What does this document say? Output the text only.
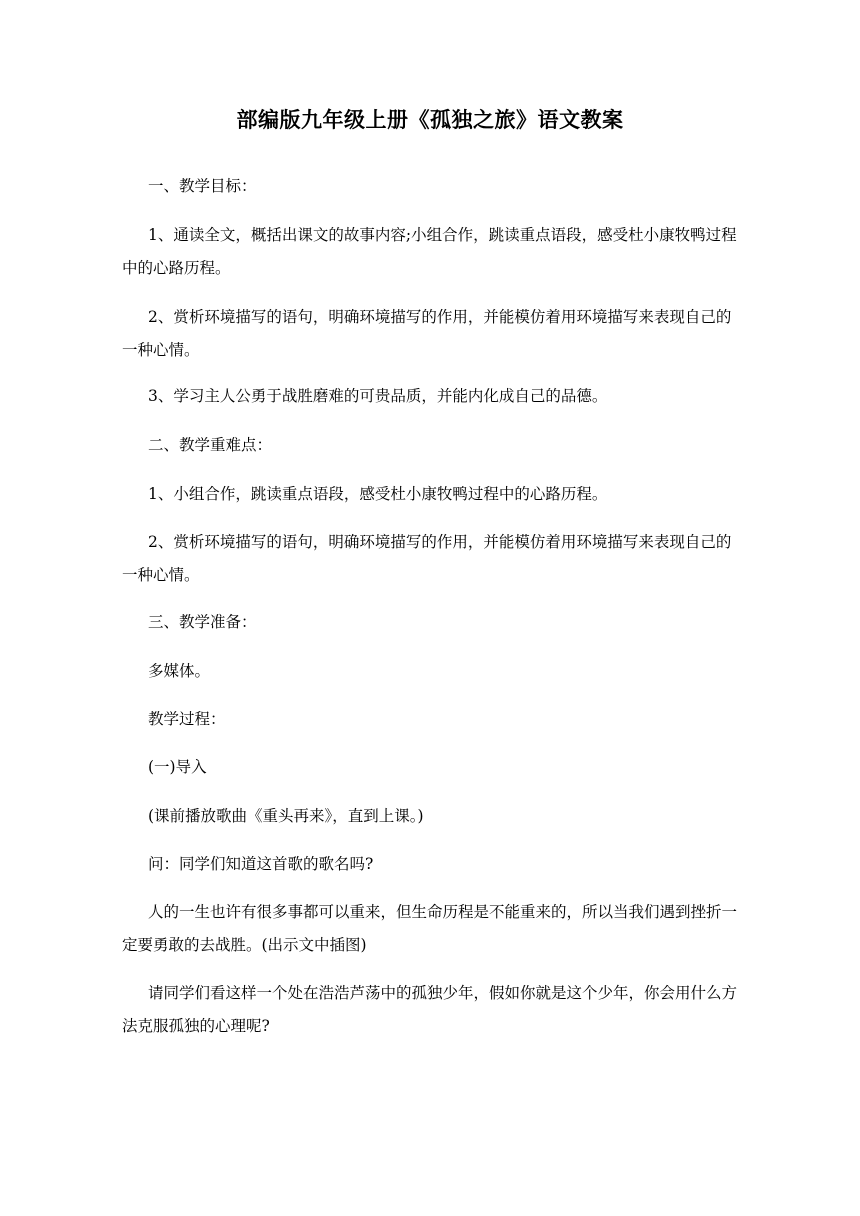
部编版九年级上册《孤独之旅》语文教案

一、教学目标：

1、通读全文，概括出课文的故事内容;小组合作，跳读重点语段，感受杜小康牧鸭过程中的心路历程。

2、赏析环境描写的语句，明确环境描写的作用，并能模仿着用环境描写来表现自己的一种心情。

3、学习主人公勇于战胜磨难的可贵品质，并能内化成自己的品德。

二、教学重难点：

1、小组合作，跳读重点语段，感受杜小康牧鸭过程中的心路历程。

2、赏析环境描写的语句，明确环境描写的作用，并能模仿着用环境描写来表现自己的一种心情。

三、教学准备：

多媒体。

教学过程：

(一)导入

(课前播放歌曲《重头再来》，直到上课。)

问：同学们知道这首歌的歌名吗?

人的一生也许有很多事都可以重来，但生命历程是不能重来的，所以当我们遇到挫折一定要勇敢的去战胜。(出示文中插图)

请同学们看这样一个处在浩浩芦荡中的孤独少年，假如你就是这个少年，你会用什么方法克服孤独的心理呢?
